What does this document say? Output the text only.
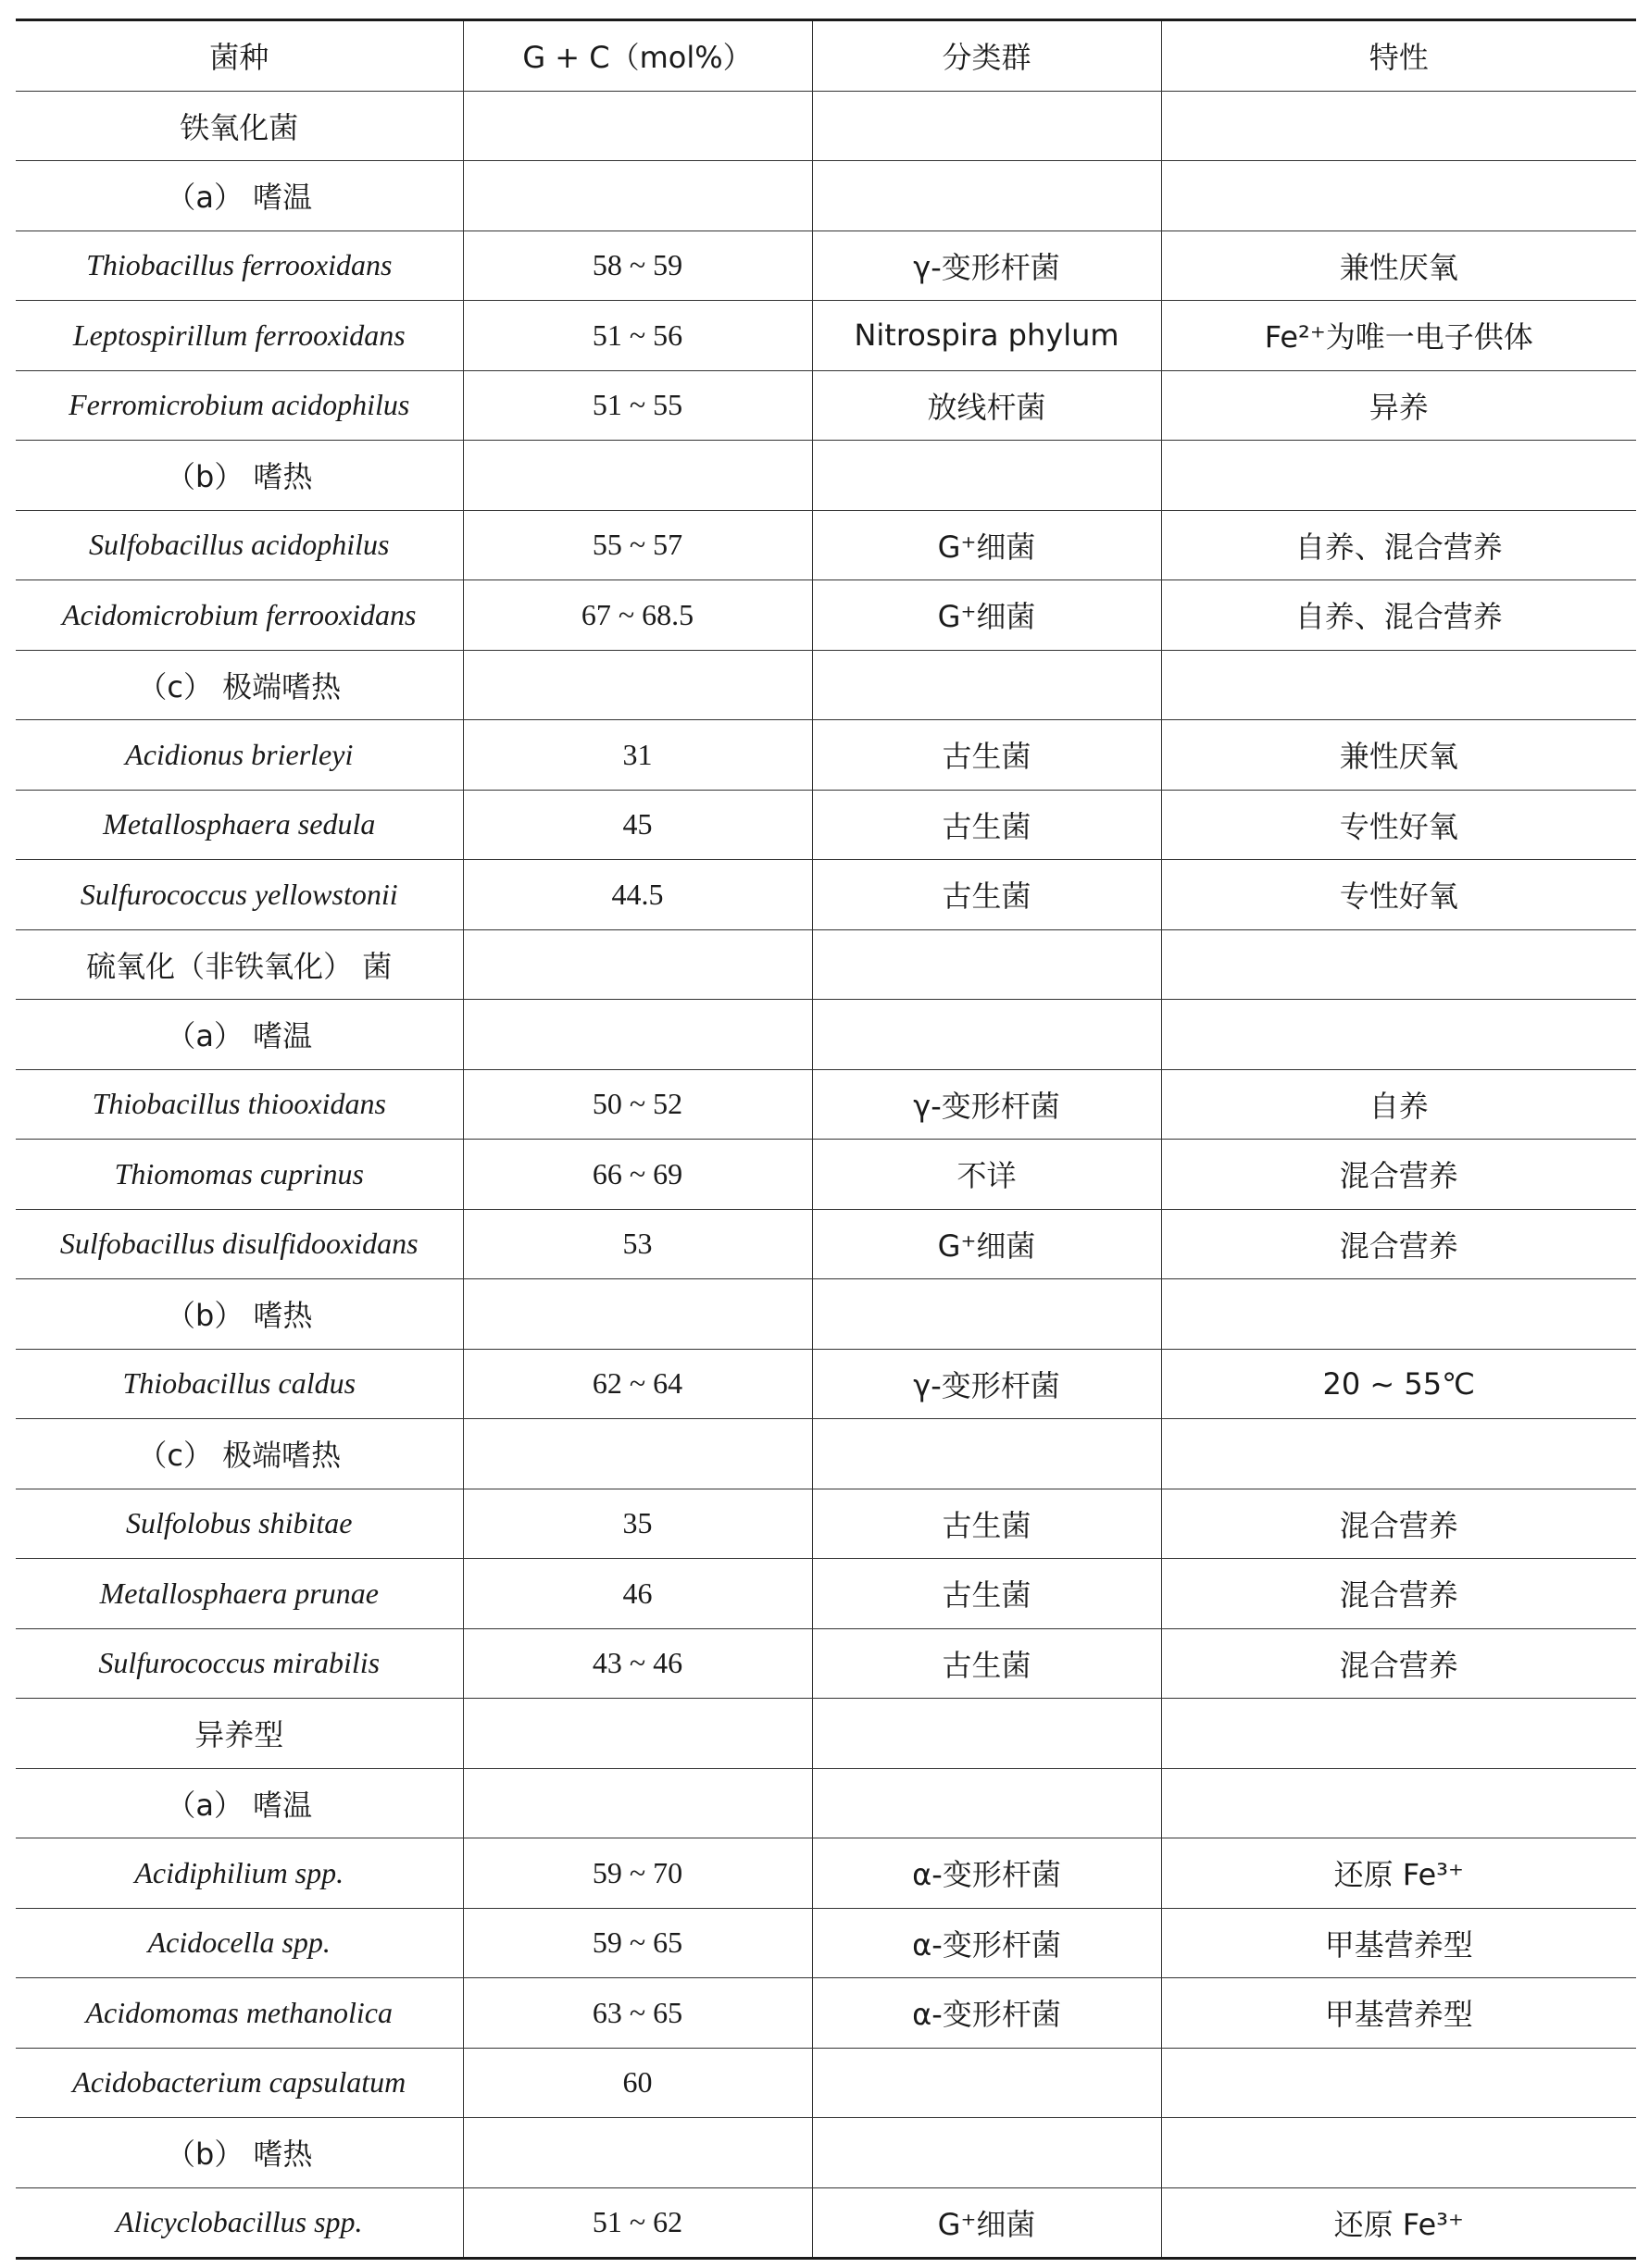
菌种	G + C（mol%）	分类群	特性
铁氧化菌			
（a） 嗜温			
Thiobacillus ferrooxidans	58 ~ 59	γ-变形杆菌	兼性厌氧
Leptospirillum ferrooxidans	51 ~ 56	Nitrospira phylum	Fe²⁺为唯一电子供体
Ferromicrobium acidophilus	51 ~ 55	放线杆菌	异养
（b） 嗜热			
Sulfobacillus acidophilus	55 ~ 57	G⁺细菌	自养、混合营养
Acidomicrobium ferrooxidans	67 ~ 68.5	G⁺细菌	自养、混合营养
（c） 极端嗜热			
Acidionus brierleyi	31	古生菌	兼性厌氧
Metallosphaera sedula	45	古生菌	专性好氧
Sulfurococcus yellowstonii	44.5	古生菌	专性好氧
硫氧化（非铁氧化） 菌			
（a） 嗜温			
Thiobacillus thiooxidans	50 ~ 52	γ-变形杆菌	自养
Thiomomas cuprinus	66 ~ 69	不详	混合营养
Sulfobacillus disulfidooxidans	53	G⁺细菌	混合营养
（b） 嗜热			
Thiobacillus caldus	62 ~ 64	γ-变形杆菌	20 ~ 55℃
（c） 极端嗜热			
Sulfolobus shibitae	35	古生菌	混合营养
Metallosphaera prunae	46	古生菌	混合营养
Sulfurococcus mirabilis	43 ~ 46	古生菌	混合营养
异养型			
（a） 嗜温			
Acidiphilium spp.	59 ~ 70	α-变形杆菌	还原 Fe³⁺
Acidocella spp.	59 ~ 65	α-变形杆菌	甲基营养型
Acidomomas methanolica	63 ~ 65	α-变形杆菌	甲基营养型
Acidobacterium capsulatum	60		
（b） 嗜热			
Alicyclobacillus spp.	51 ~ 62	G⁺细菌	还原 Fe³⁺
